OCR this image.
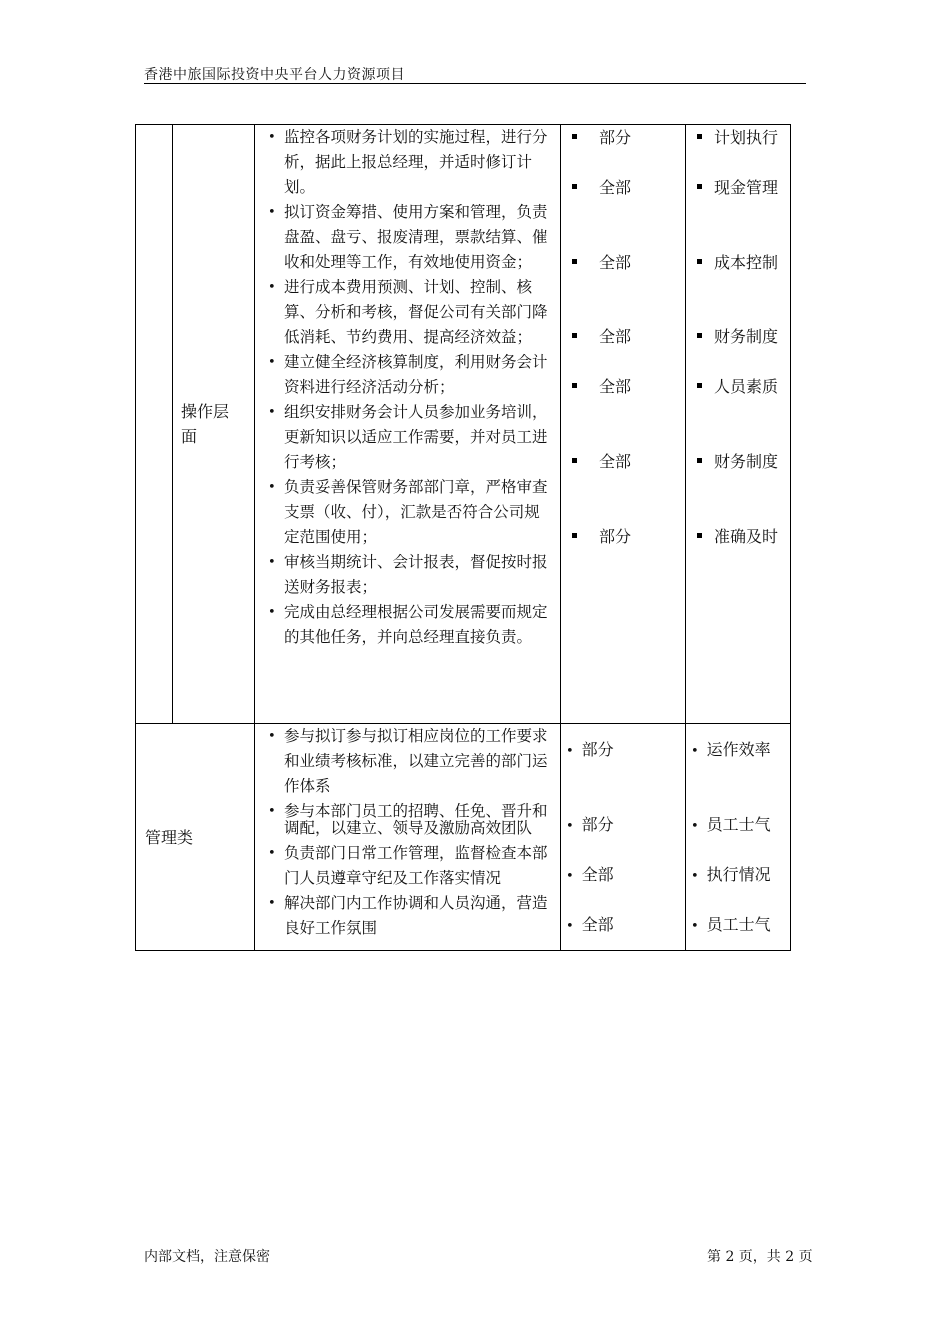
香港中旅国际投资中央平台人力资源项目
操作层
面
• 监控各项财务计划的实施过程，进行分析，据此上报总经理，并适时修订计划。
• 拟订资金筹措、使用方案和管理，负责盘盈、盘亏、报废清理，票款结算、催收和处理等工作，有效地使用资金；
• 进行成本费用预测、计划、控制、核算、分析和考核，督促公司有关部门降低消耗、节约费用、提高经济效益；
• 建立健全经济核算制度，利用财务会计资料进行经济活动分析；
• 组织安排财务会计人员参加业务培训，更新知识以适应工作需要，并对员工进行考核；
• 负责妥善保管财务部部门章，严格审查支票（收、付），汇款是否符合公司规定范围使用；
• 审核当期统计、会计报表，督促按时报送财务报表；
• 完成由总经理根据公司发展需要而规定的其他任务，并向总经理直接负责。
部分
全部
全部
全部
全部
全部
部分
计划执行
现金管理
成本控制
财务制度
人员素质
财务制度
准确及时
管理类
• 参与拟订参与拟订相应岗位的工作要求和业绩考核标准，以建立完善的部门运作体系
• 参与本部门员工的招聘、任免、晋升和调配，以建立、领导及激励高效团队
• 负责部门日常工作管理，监督检查本部门人员遵章守纪及工作落实情况
• 解决部门内工作协调和人员沟通，营造良好工作氛围
• 部分
• 部分
• 全部
• 全部
• 运作效率
• 员工士气
• 执行情况
• 员工士气
内部文档，注意保密	第 2 页，共 2 页
